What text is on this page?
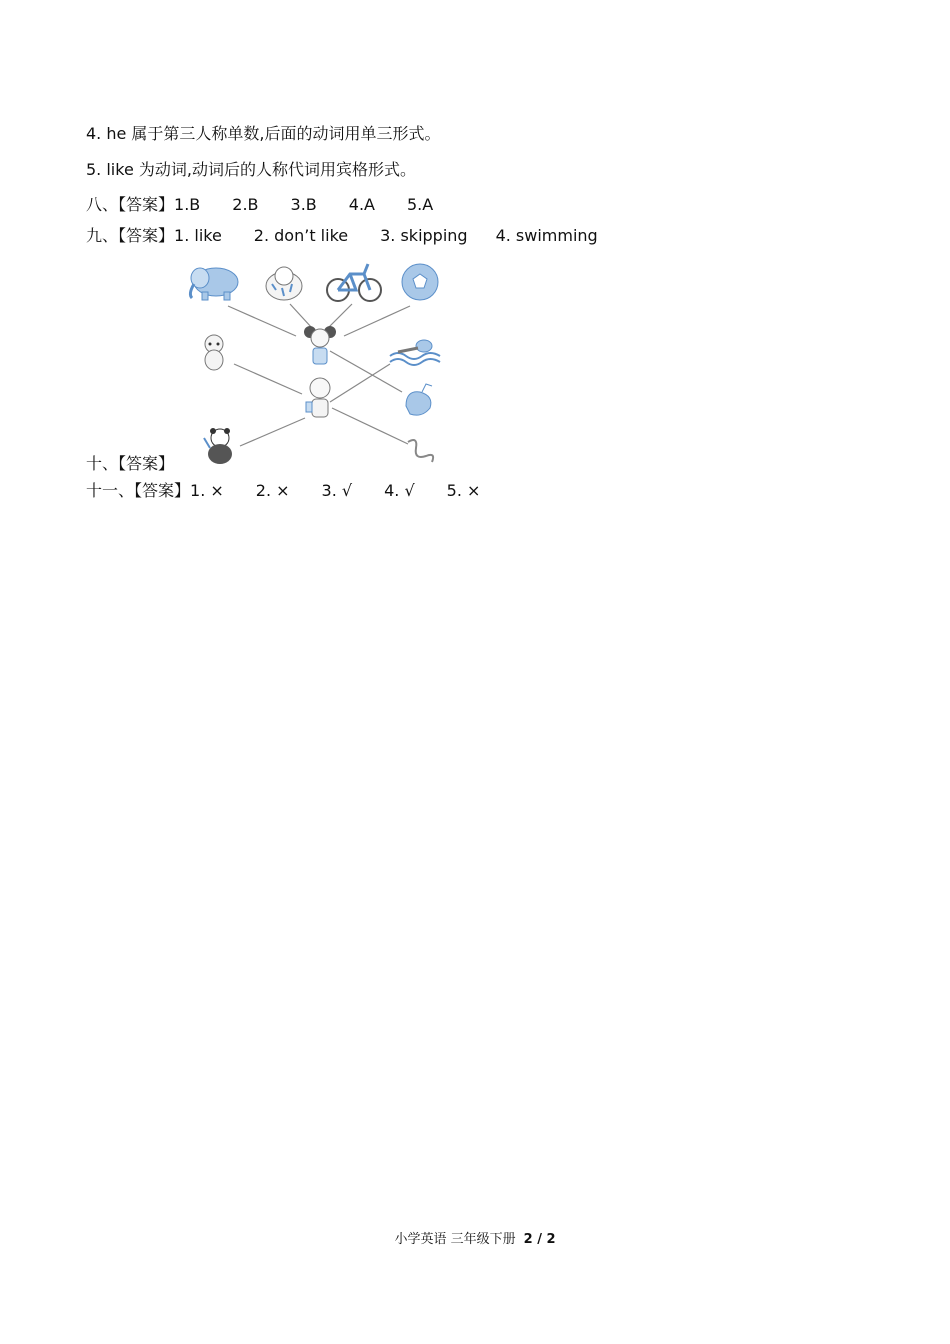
4. he 属于第三人称单数,后面的动词用单三形式。
5. like 为动词,动词后的人称代词用宾格形式。
八、【答案】1.B 2.B 3.B 4.A 5.A
九、【答案】1. like 2. don’t like 3. skipping 4. swimming
十、【答案】
十一、【答案】1. × 2. × 3. √ 4. √ 5. ×
小学英语 三年级下册 2 / 2
